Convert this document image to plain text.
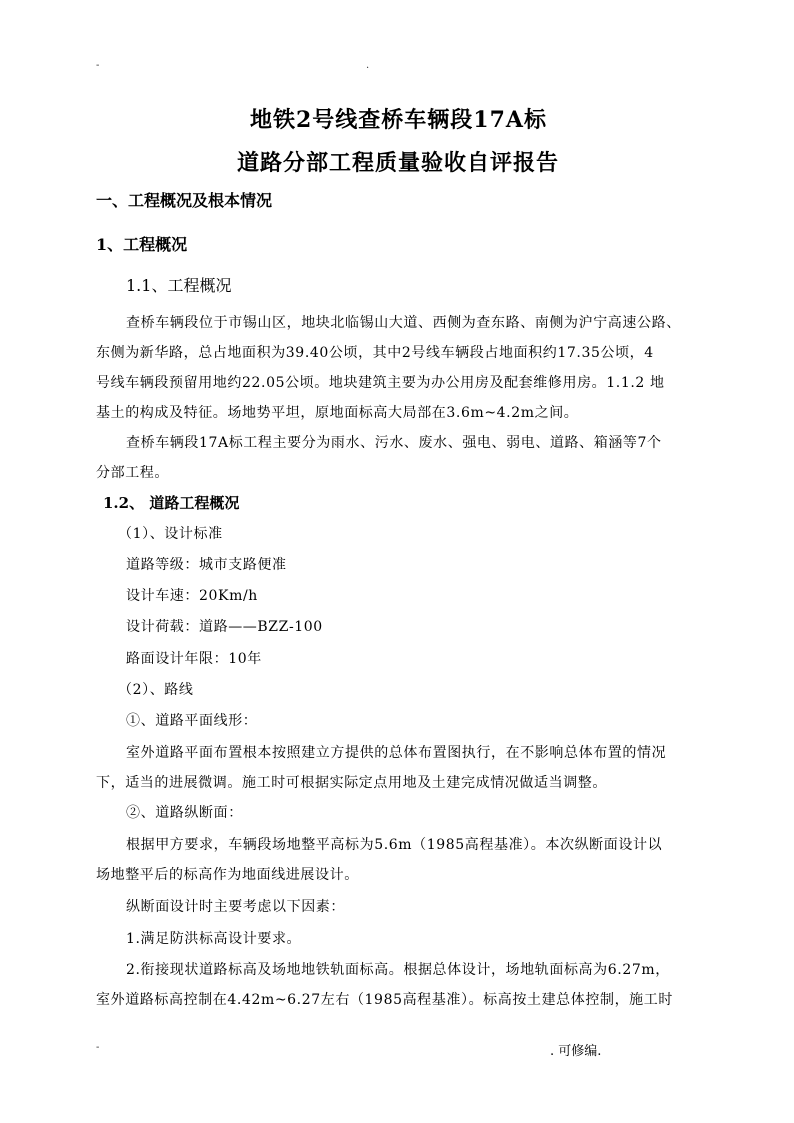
-	.
地铁2号线查桥车辆段17A标
道路分部工程质量验收自评报告
一、工程概况及根本情况
1、工程概况
1.1、工程概况
查桥车辆段位于市锡山区，地块北临锡山大道、西侧为查东路、南侧为沪宁高速公路、
东侧为新华路，总占地面积为39.40公顷，其中2号线车辆段占地面积约17.35公顷，4
号线车辆段预留用地约22.05公顷。地块建筑主要为办公用房及配套维修用房。1.1.2 地
基土的构成及特征。场地势平坦，原地面标高大局部在3.6m~4.2m之间。
查桥车辆段17A标工程主要分为雨水、污水、废水、强电、弱电、道路、箱涵等7个
分部工程。
1.2、 道路工程概况
（1）、设计标准
道路等级：城市支路便准
设计车速：20Km/h
设计荷载：道路——BZZ-100
路面设计年限：10年
（2）、路线
①、道路平面线形：
室外道路平面布置根本按照建立方提供的总体布置图执行，在不影响总体布置的情况
下，适当的进展微调。施工时可根据实际定点用地及土建完成情况做适当调整。
②、道路纵断面：
根据甲方要求，车辆段场地整平高标为5.6m（1985高程基准）。本次纵断面设计以
场地整平后的标高作为地面线进展设计。
纵断面设计时主要考虑以下因素：
1.满足防洪标高设计要求。
2.衔接现状道路标高及场地地铁轨面标高。根据总体设计，场地轨面标高为6.27m，
室外道路标高控制在4.42m~6.27左右（1985高程基准）。标高按土建总体控制，施工时
-	. 可修编.
